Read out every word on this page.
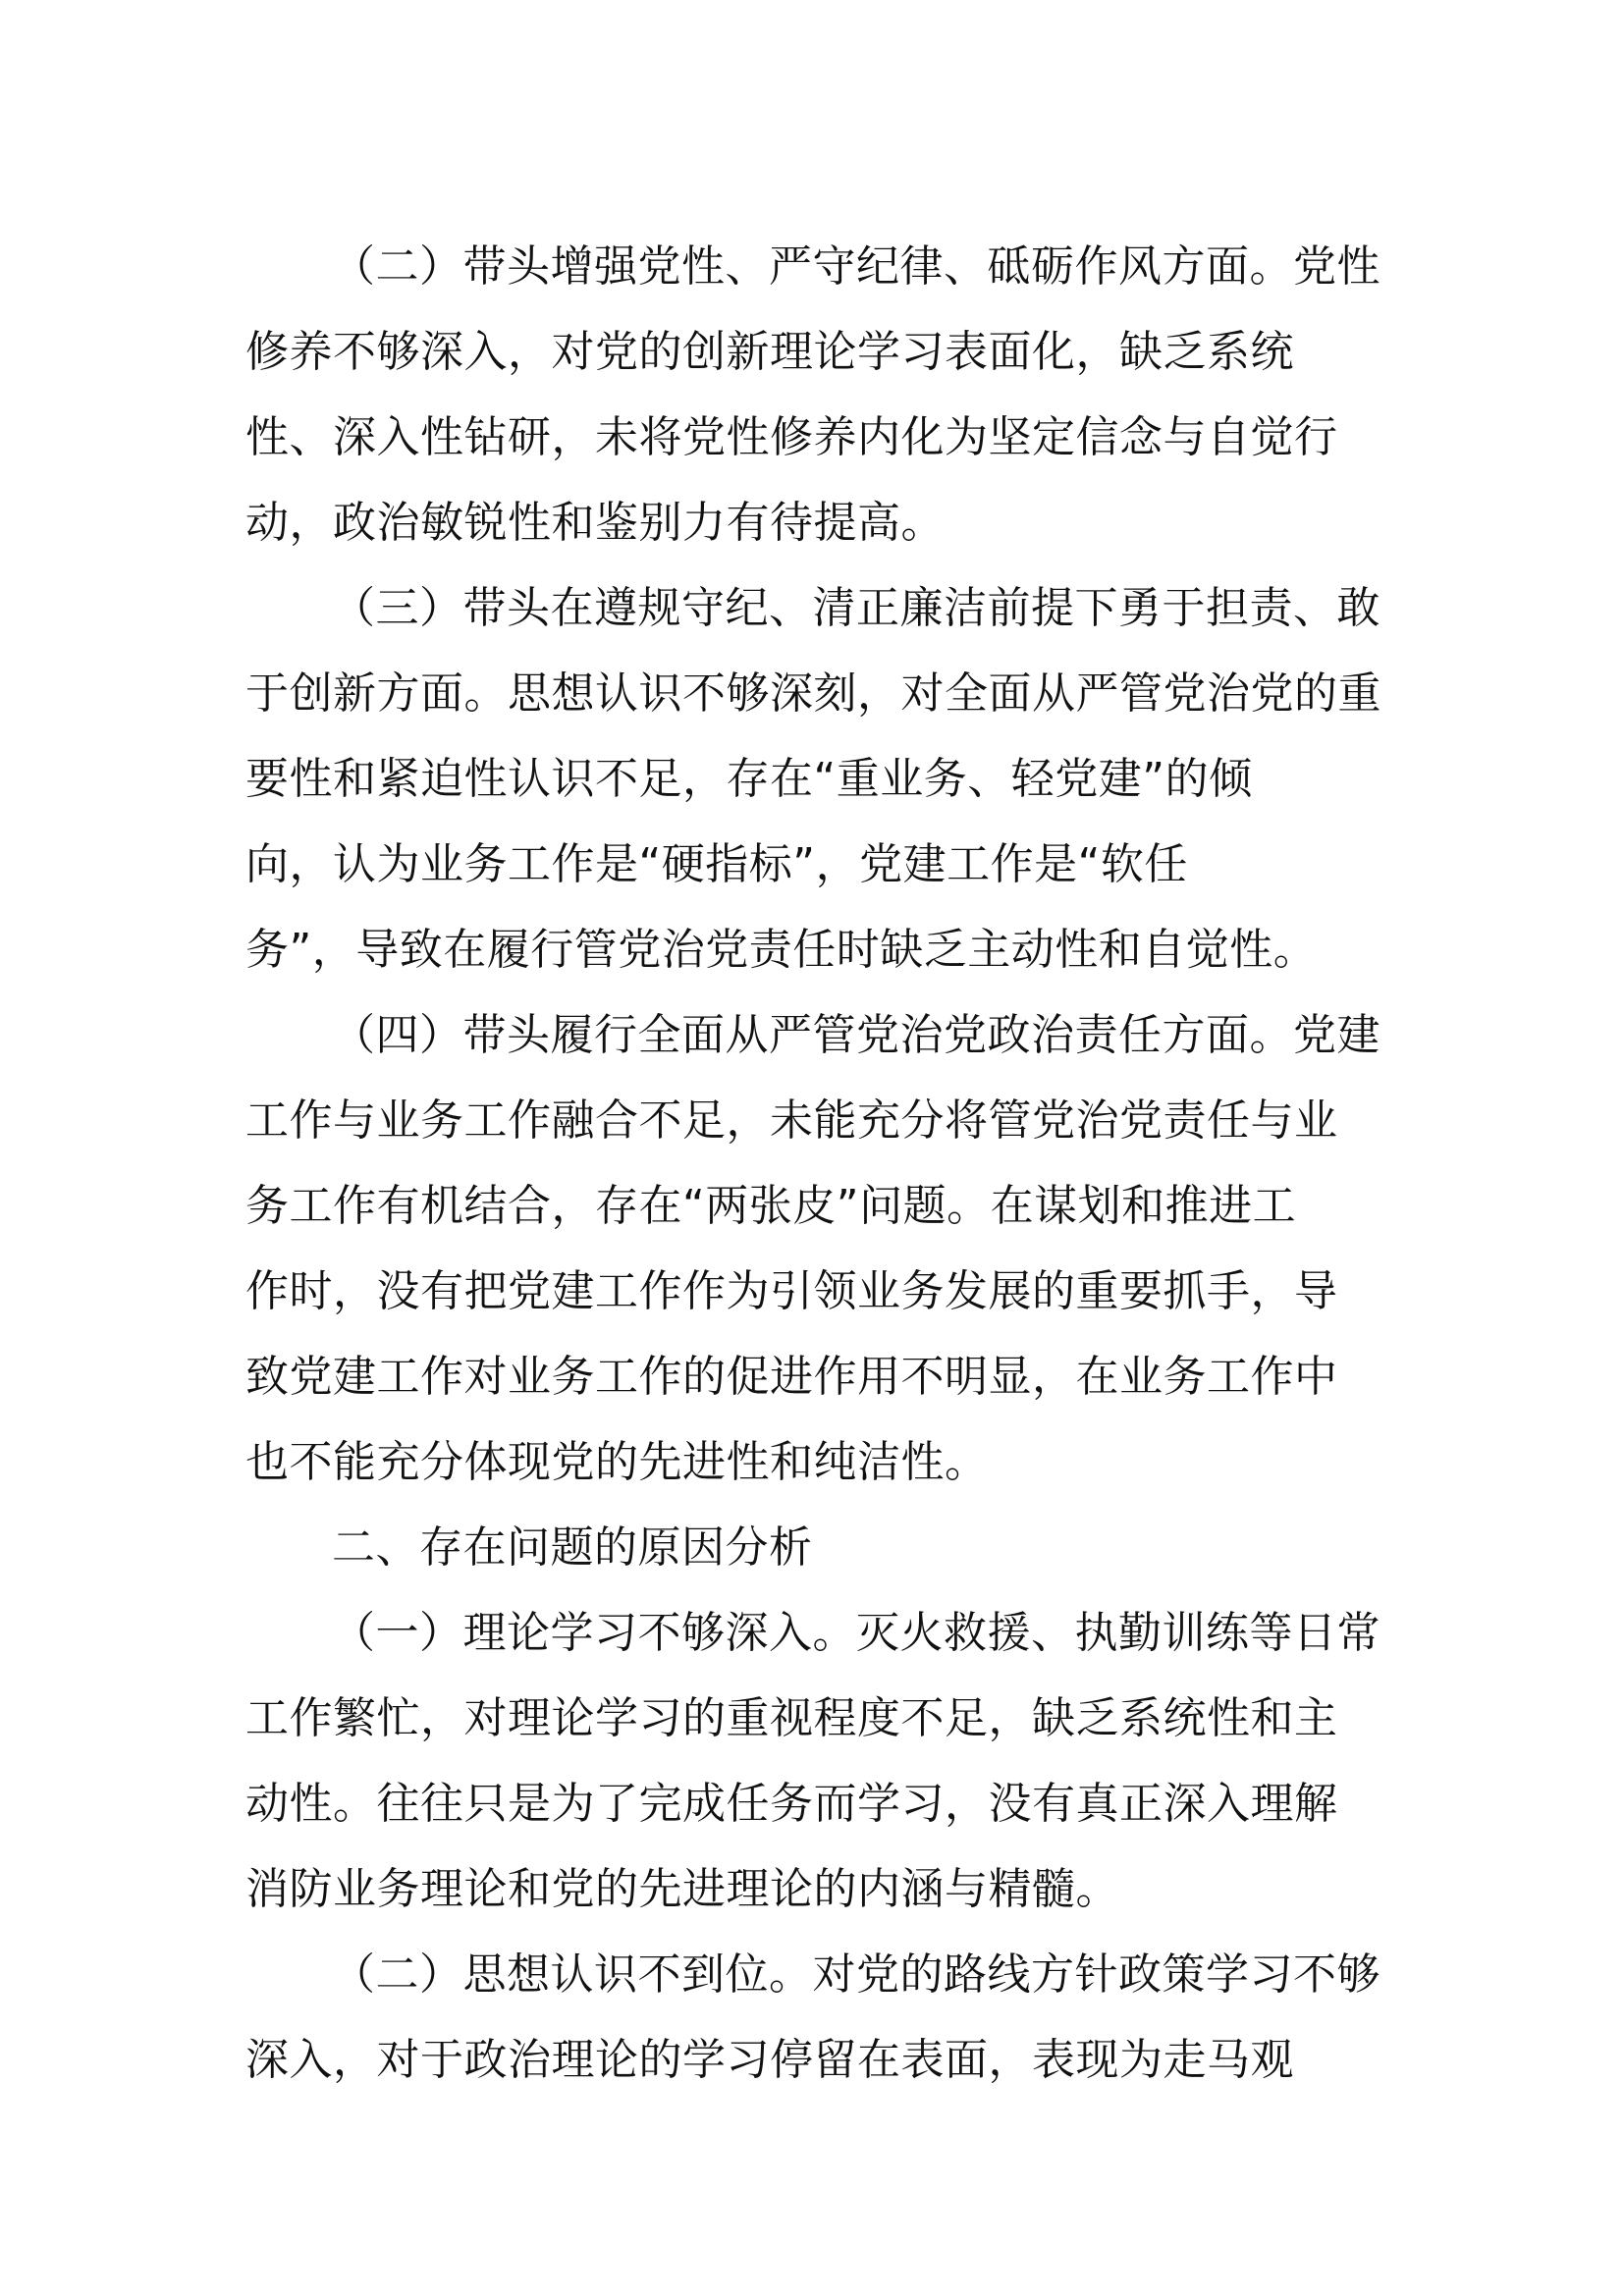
（二）带头增强党性、严守纪律、砥砺作风方面。党性
修养不够深入，对党的创新理论学习表面化，缺乏系统
性、深入性钻研，未将党性修养内化为坚定信念与自觉行
动，政治敏锐性和鉴别力有待提高。
（三）带头在遵规守纪、清正廉洁前提下勇于担责、敢
于创新方面。思想认识不够深刻，对全面从严管党治党的重
要性和紧迫性认识不足，存在“重业务、轻党建”的倾
向，认为业务工作是“硬指标”，党建工作是“软任
务”，导致在履行管党治党责任时缺乏主动性和自觉性。
（四）带头履行全面从严管党治党政治责任方面。党建
工作与业务工作融合不足，未能充分将管党治党责任与业
务工作有机结合，存在“两张皮”问题。在谋划和推进工
作时，没有把党建工作作为引领业务发展的重要抓手，导
致党建工作对业务工作的促进作用不明显，在业务工作中
也不能充分体现党的先进性和纯洁性。
二、存在问题的原因分析
（一）理论学习不够深入。灭火救援、执勤训练等日常
工作繁忙，对理论学习的重视程度不足，缺乏系统性和主
动性。往往只是为了完成任务而学习，没有真正深入理解
消防业务理论和党的先进理论的内涵与精髓。
（二）思想认识不到位。对党的路线方针政策学习不够
深入，对于政治理论的学习停留在表面，表现为走马观
